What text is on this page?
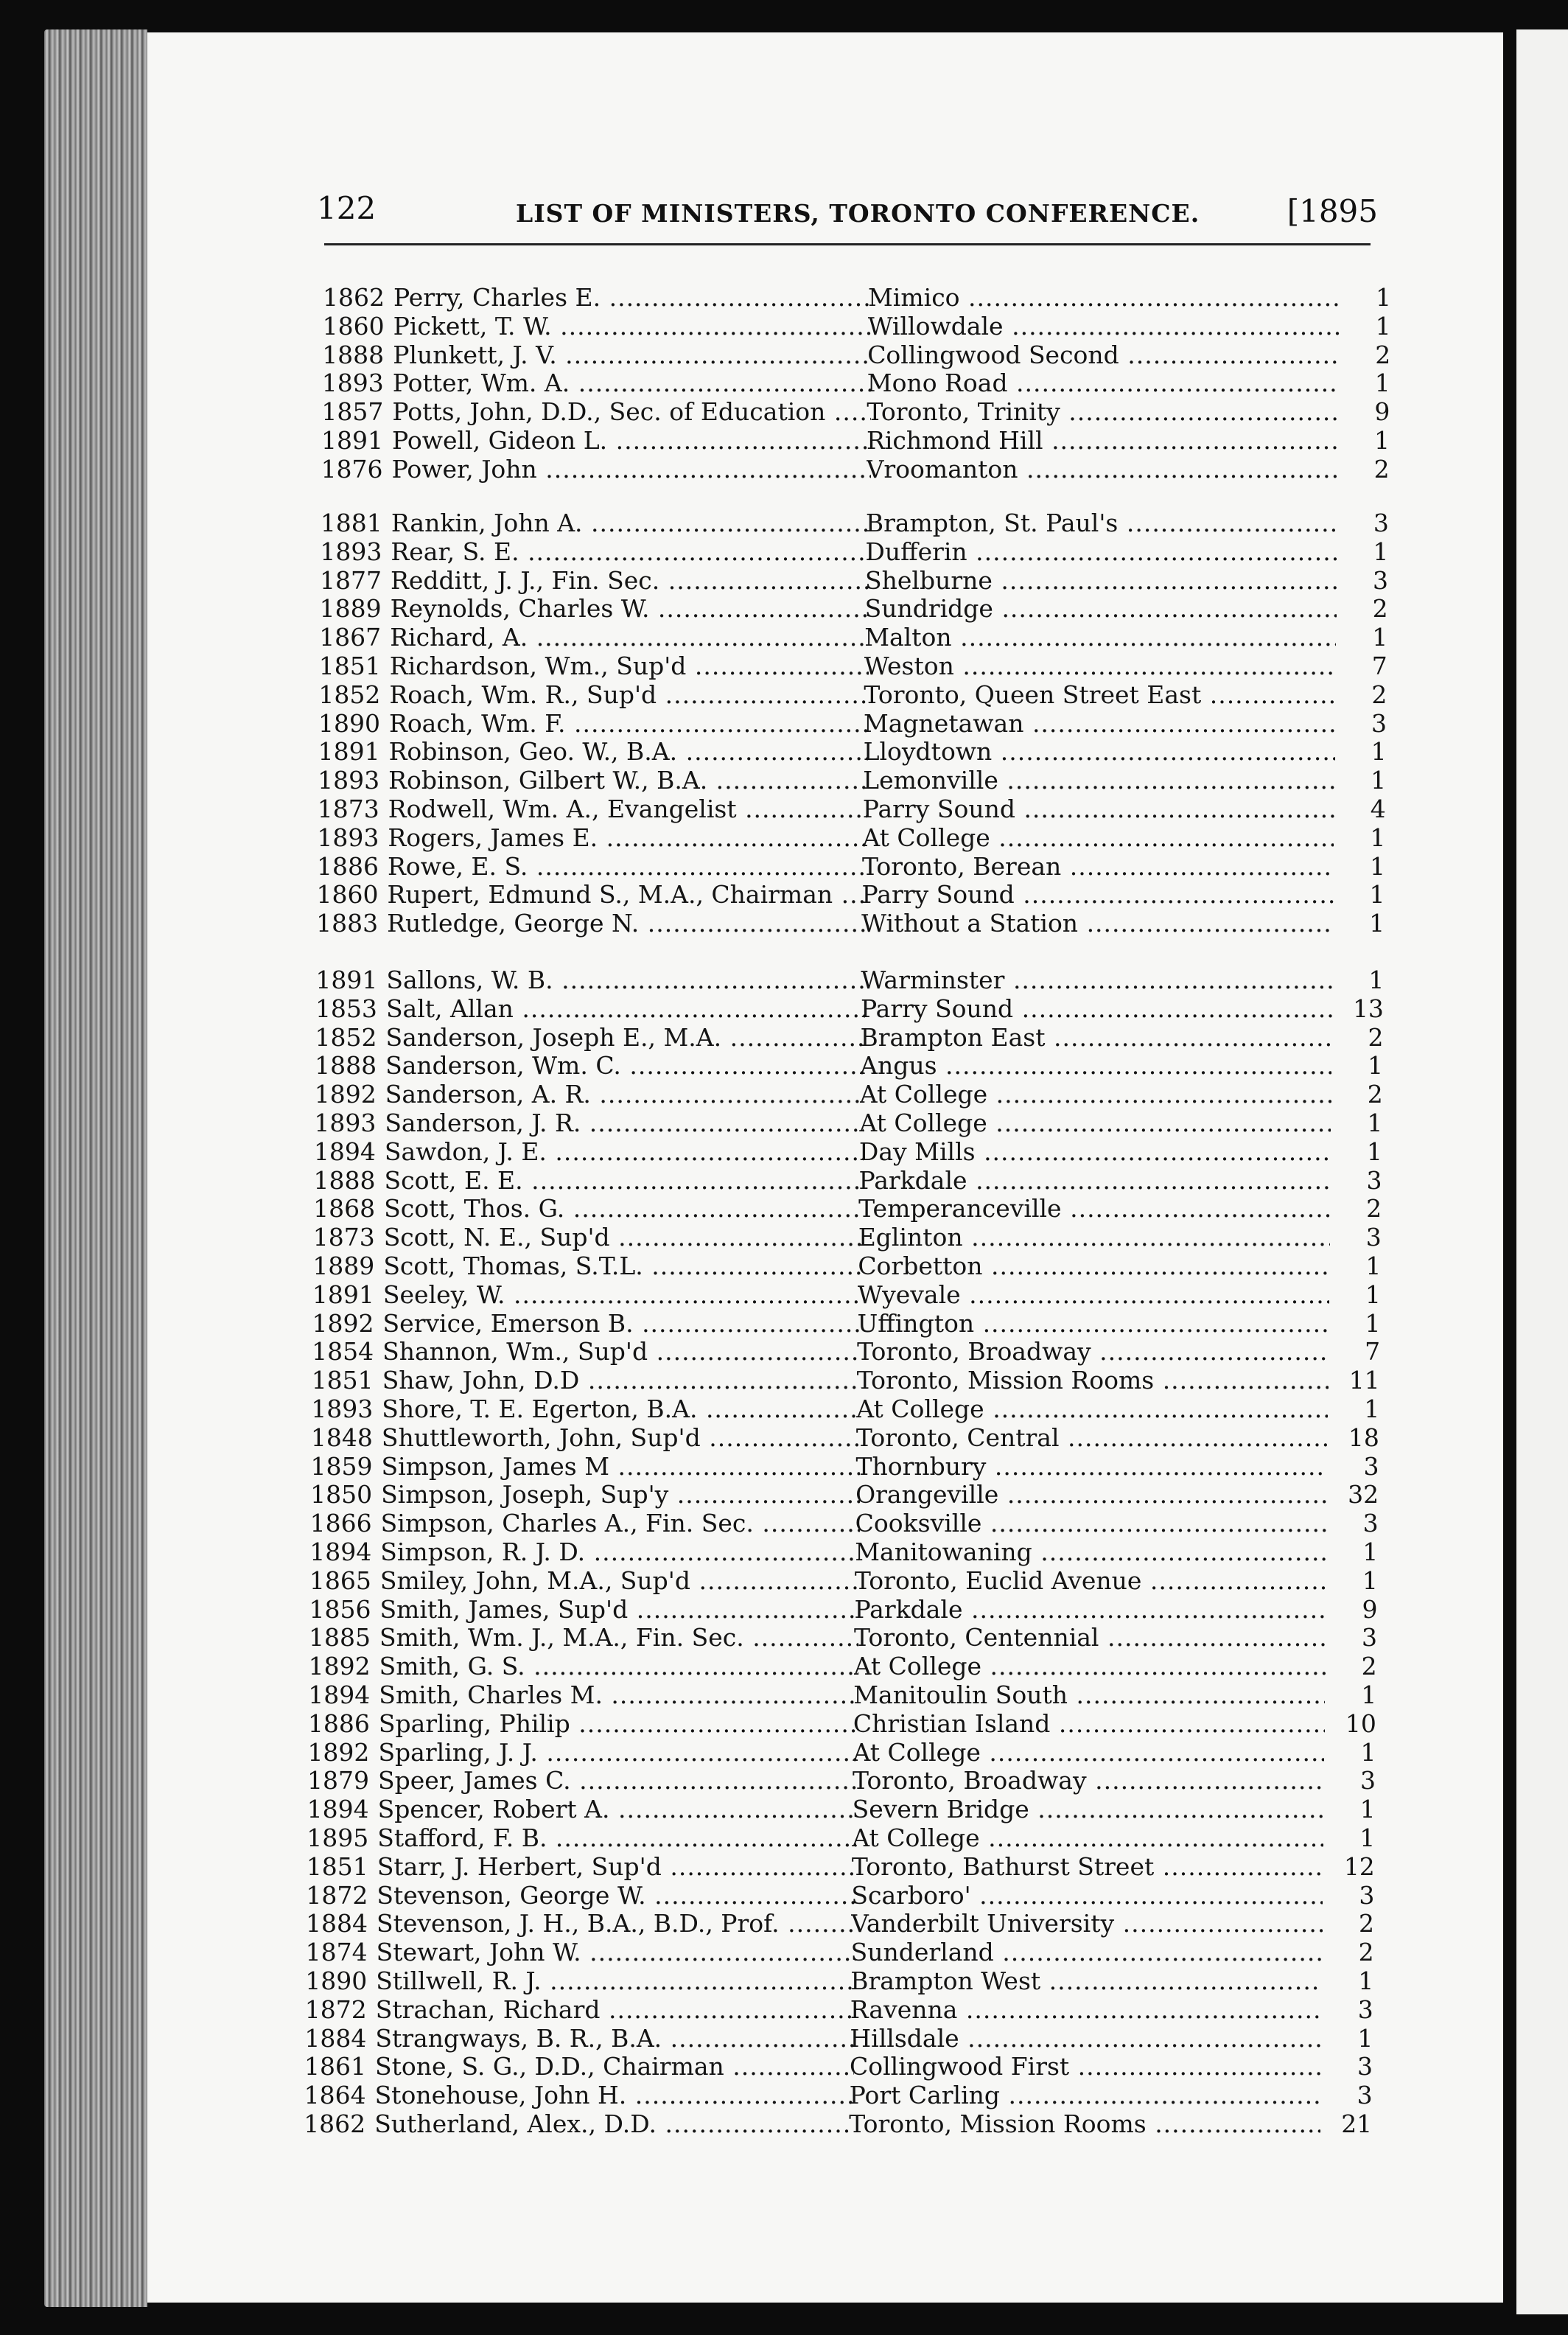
122	LIST OF MINISTERS, TORONTO CONFERENCE.	[1895
1862 Perry, Charles E. .....	Mimico .....	1
1860 Pickett, T. W. .....	Willowdale .....	1
1888 Plunkett, J. V. .....	Collingwood Second .....	2
1893 Potter, Wm. A. .....	Mono Road .....	1
1857 Potts, John, D.D., Sec. of Education .....	Toronto, Trinity .....	9
1891 Powell, Gideon L. .....	Richmond Hill .....	1
1876 Power, John .....	Vroomanton .....	2
1881 Rankin, John A. .....	Brampton, St. Paul's .....	3
1893 Rear, S. E. .....	Dufferin .....	1
1877 Redditt, J. J., Fin. Sec. .....	Shelburne .....	3
1889 Reynolds, Charles W. .....	Sundridge .....	2
1867 Richard, A. .....	Malton .....	1
1851 Richardson, Wm., Sup'd .....	Weston .....	7
1852 Roach, Wm. R., Sup'd .....	Toronto, Queen Street East .....	2
1890 Roach, Wm. F. .....	Magnetawan .....	3
1891 Robinson, Geo. W., B.A. .....	Lloydtown .....	1
1893 Robinson, Gilbert W., B.A. .....	Lemonville .....	1
1873 Rodwell, Wm. A., Evangelist .....	Parry Sound .....	4
1893 Rogers, James E. .....	At College .....	1
1886 Rowe, E. S. .....	Toronto, Berean .....	1
1860 Rupert, Edmund S., M.A., Chairman .....	Parry Sound .....	1
1883 Rutledge, George N. .....	Without a Station .....	1
1891 Sallons, W. B. .....	Warminster .....	1
1853 Salt, Allan .....	Parry Sound .....	13
1852 Sanderson, Joseph E., M.A. .....	Brampton East .....	2
1888 Sanderson, Wm. C. .....	Angus .....	1
1892 Sanderson, A. R. .....	At College .....	2
1893 Sanderson, J. R. .....	At College .....	1
1894 Sawdon, J. E. .....	Day Mills .....	1
1888 Scott, E. E. .....	Parkdale .....	3
1868 Scott, Thos. G. .....	Temperanceville .....	2
1873 Scott, N. E., Sup'd .....	Eglinton .....	3
1889 Scott, Thomas, S.T.L. .....	Corbetton .....	1
1891 Seeley, W. .....	Wyevale .....	1
1892 Service, Emerson B. .....	Uffington .....	1
1854 Shannon, Wm., Sup'd .....	Toronto, Broadway .....	7
1851 Shaw, John, D.D .....	Toronto, Mission Rooms .....	11
1893 Shore, T. E. Egerton, B.A. .....	At College .....	1
1848 Shuttleworth, John, Sup'd .....	Toronto, Central .....	18
1859 Simpson, James M .....	Thornbury .....	3
1850 Simpson, Joseph, Sup'y .....	Orangeville .....	32
1866 Simpson, Charles A., Fin. Sec. .....	Cooksville .....	3
1894 Simpson, R. J. D. .....	Manitowaning .....	1
1865 Smiley, John, M.A., Sup'd .....	Toronto, Euclid Avenue .....	1
1856 Smith, James, Sup'd .....	Parkdale .....	9
1885 Smith, Wm. J., M.A., Fin. Sec. .....	Toronto, Centennial .....	3
1892 Smith, G. S. .....	At College .....	2
1894 Smith, Charles M. .....	Manitoulin South .....	1
1886 Sparling, Philip .....	Christian Island .....	10
1892 Sparling, J. J. .....	At College .....	1
1879 Speer, James C. .....	Toronto, Broadway .....	3
1894 Spencer, Robert A. .....	Severn Bridge .....	1
1895 Stafford, F. B. .....	At College .....	1
1851 Starr, J. Herbert, Sup'd .....	Toronto, Bathurst Street .....	12
1872 Stevenson, George W. .....	Scarboro' .....	3
1884 Stevenson, J. H., B.A., B.D., Prof. .....	Vanderbilt University .....	2
1874 Stewart, John W. .....	Sunderland .....	2
1890 Stillwell, R. J. .....	Brampton West .....	1
1872 Strachan, Richard .....	Ravenna .....	3
1884 Strangways, B. R., B.A. .....	Hillsdale .....	1
1861 Stone, S. G., D.D., Chairman .....	Collingwood First .....	3
1864 Stonehouse, John H. .....	Port Carling .....	3
1862 Sutherland, Alex., D.D. .....	Toronto, Mission Rooms .....	21
